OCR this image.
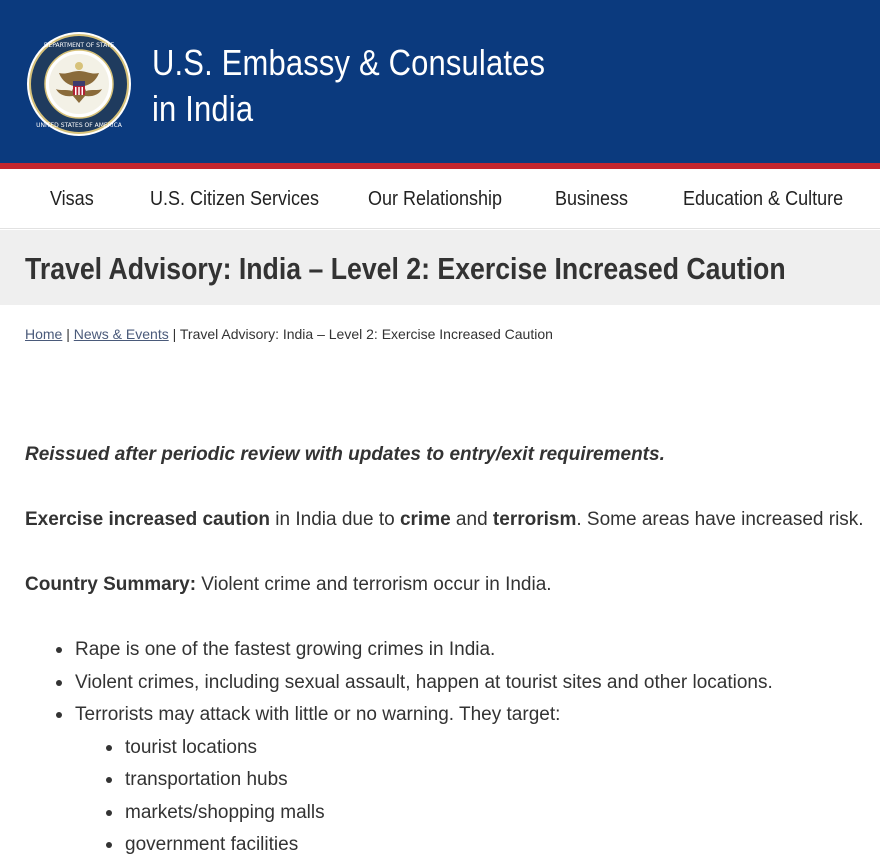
DEPARTMENT OF STATE
UNITED STATES OF AMERICA
U.S. Embassy & Consulates
in India
Visas	U.S. Citizen Services Our Relationship	Business	Education & Culture
Travel Advisory: India – Level 2: Exercise Increased Caution
Home | News & Events | Travel Advisory: India – Level 2: Exercise Increased Caution

Reissued after periodic review with updates to entry/exit requirements.

Exercise increased caution in India due to crime and terrorism. Some areas have increased risk.

Country Summary: Violent crime and terrorism occur in India.

Rape is one of the fastest growing crimes in India.
Violent crimes, including sexual assault, happen at tourist sites and other locations.
Terrorists may attack with little or no warning. They target:
tourist locations
transportation hubs
markets/shopping malls
government facilities
